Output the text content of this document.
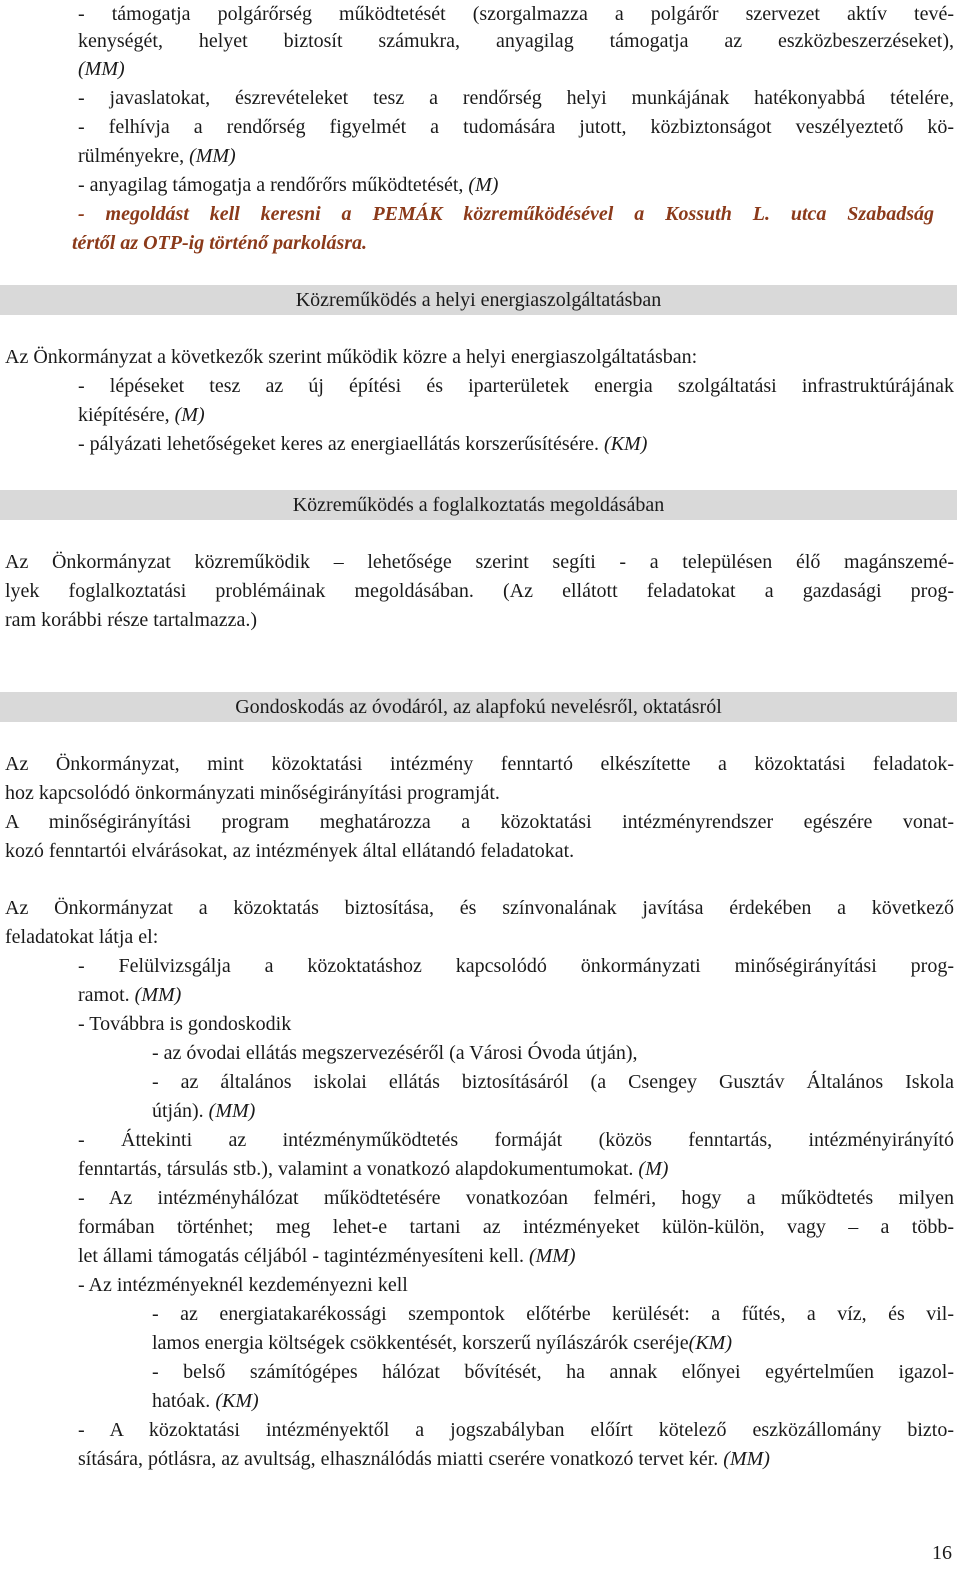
- támogatja polgárőrség működtetését (szorgalmazza a polgárőr szervezet aktív tevé-
kenységét, helyet biztosít számukra, anyagilag támogatja az eszközbeszerzéseket),
(MM)
- javaslatokat, észrevételeket tesz a rendőrség helyi munkájának hatékonyabbá tételére,
- felhívja a rendőrség figyelmét a tudomására jutott, közbiztonságot veszélyeztető kö-
rülményekre, (MM)
- anyagilag támogatja a rendőrőrs működtetését, (M)
- megoldást kell keresni a PEMÁK közreműködésével a Kossuth L. utca Szabadság
tértől az OTP-ig történő parkolásra.
Közreműködés a helyi energiaszolgáltatásban
Az Önkormányzat a következők szerint működik közre a helyi energiaszolgáltatásban:
- lépéseket tesz az új építési és iparterületek energia szolgáltatási infrastruktúrájának
kiépítésére, (M)
- pályázati lehetőségeket keres az energiaellátás korszerűsítésére. (KM)
Közreműködés a foglalkoztatás megoldásában
Az Önkormányzat közreműködik – lehetősége szerint segíti - a településen élő magánszemé-
lyek foglalkoztatási problémáinak megoldásában. (Az ellátott feladatokat a gazdasági prog-
ram korábbi része tartalmazza.)
Gondoskodás az óvodáról, az alapfokú nevelésről, oktatásról
Az Önkormányzat, mint közoktatási intézmény fenntartó elkészítette a közoktatási feladatok-
hoz kapcsolódó önkormányzati minőségirányítási programját.
A minőségirányítási program meghatározza a közoktatási intézményrendszer egészére vonat-
kozó fenntartói elvárásokat, az intézmények által ellátandó feladatokat.
Az Önkormányzat a közoktatás biztosítása, és színvonalának javítása érdekében a következő
feladatokat látja el:
- Felülvizsgálja a közoktatáshoz kapcsolódó önkormányzati minőségirányítási prog-
ramot. (MM)
- Továbbra is gondoskodik
- az óvodai ellátás megszervezéséről (a Városi Óvoda útján),
- az általános iskolai ellátás biztosításáról (a Csengey Gusztáv Általános Iskola
útján). (MM)
- Áttekinti az intézményműködtetés formáját (közös fenntartás, intézményirányító
fenntartás, társulás stb.), valamint a vonatkozó alapdokumentumokat. (M)
- Az intézményhálózat működtetésére vonatkozóan felméri, hogy a működtetés milyen
formában történhet; meg lehet-e tartani az intézményeket külön-külön, vagy – a több-
let állami támogatás céljából - tagintézményesíteni kell. (MM)
- Az intézményeknél kezdeményezni kell
- az energiatakarékossági szempontok előtérbe kerülését: a fűtés, a víz, és vil-
lamos energia költségek csökkentését, korszerű nyílászárók cseréje(KM)
- belső számítógépes hálózat bővítését, ha annak előnyei egyértelműen igazol-
hatóak. (KM)
- A közoktatási intézményektől a jogszabályban előírt kötelező eszközállomány bizto-
sítására, pótlásra, az avultság, elhasználódás miatti cserére vonatkozó tervet kér. (MM)
16
